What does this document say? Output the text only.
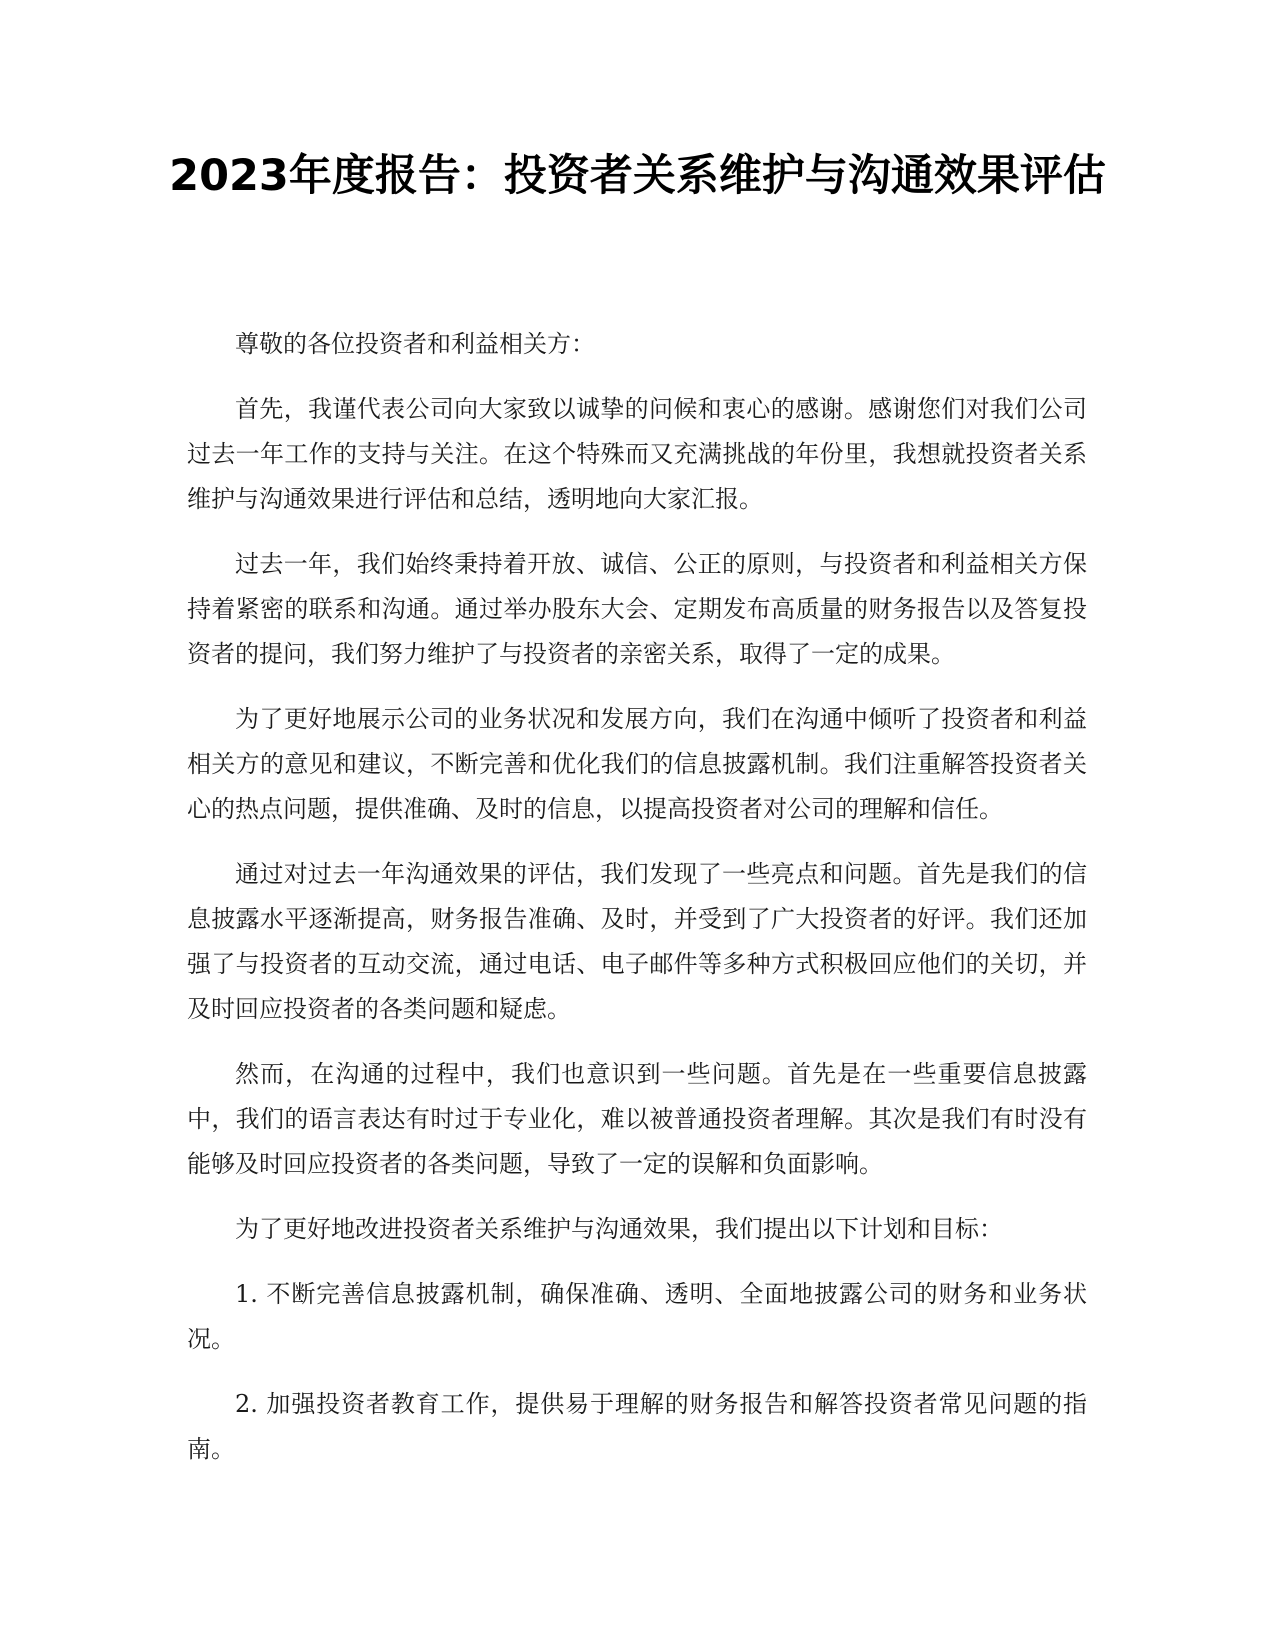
2023年度报告：投资者关系维护与沟通效果评估

尊敬的各位投资者和利益相关方：

首先，我谨代表公司向大家致以诚挚的问候和衷心的感谢。感谢您们对我们公司过去一年工作的支持与关注。在这个特殊而又充满挑战的年份里，我想就投资者关系维护与沟通效果进行评估和总结，透明地向大家汇报。

过去一年，我们始终秉持着开放、诚信、公正的原则，与投资者和利益相关方保持着紧密的联系和沟通。通过举办股东大会、定期发布高质量的财务报告以及答复投资者的提问，我们努力维护了与投资者的亲密关系，取得了一定的成果。

为了更好地展示公司的业务状况和发展方向，我们在沟通中倾听了投资者和利益相关方的意见和建议，不断完善和优化我们的信息披露机制。我们注重解答投资者关心的热点问题，提供准确、及时的信息，以提高投资者对公司的理解和信任。

通过对过去一年沟通效果的评估，我们发现了一些亮点和问题。首先是我们的信息披露水平逐渐提高，财务报告准确、及时，并受到了广大投资者的好评。我们还加强了与投资者的互动交流，通过电话、电子邮件等多种方式积极回应他们的关切，并及时回应投资者的各类问题和疑虑。

然而，在沟通的过程中，我们也意识到一些问题。首先是在一些重要信息披露中，我们的语言表达有时过于专业化，难以被普通投资者理解。其次是我们有时没有能够及时回应投资者的各类问题，导致了一定的误解和负面影响。

为了更好地改进投资者关系维护与沟通效果，我们提出以下计划和目标：

1. 不断完善信息披露机制，确保准确、透明、全面地披露公司的财务和业务状况。

2. 加强投资者教育工作，提供易于理解的财务报告和解答投资者常见问题的指南。
